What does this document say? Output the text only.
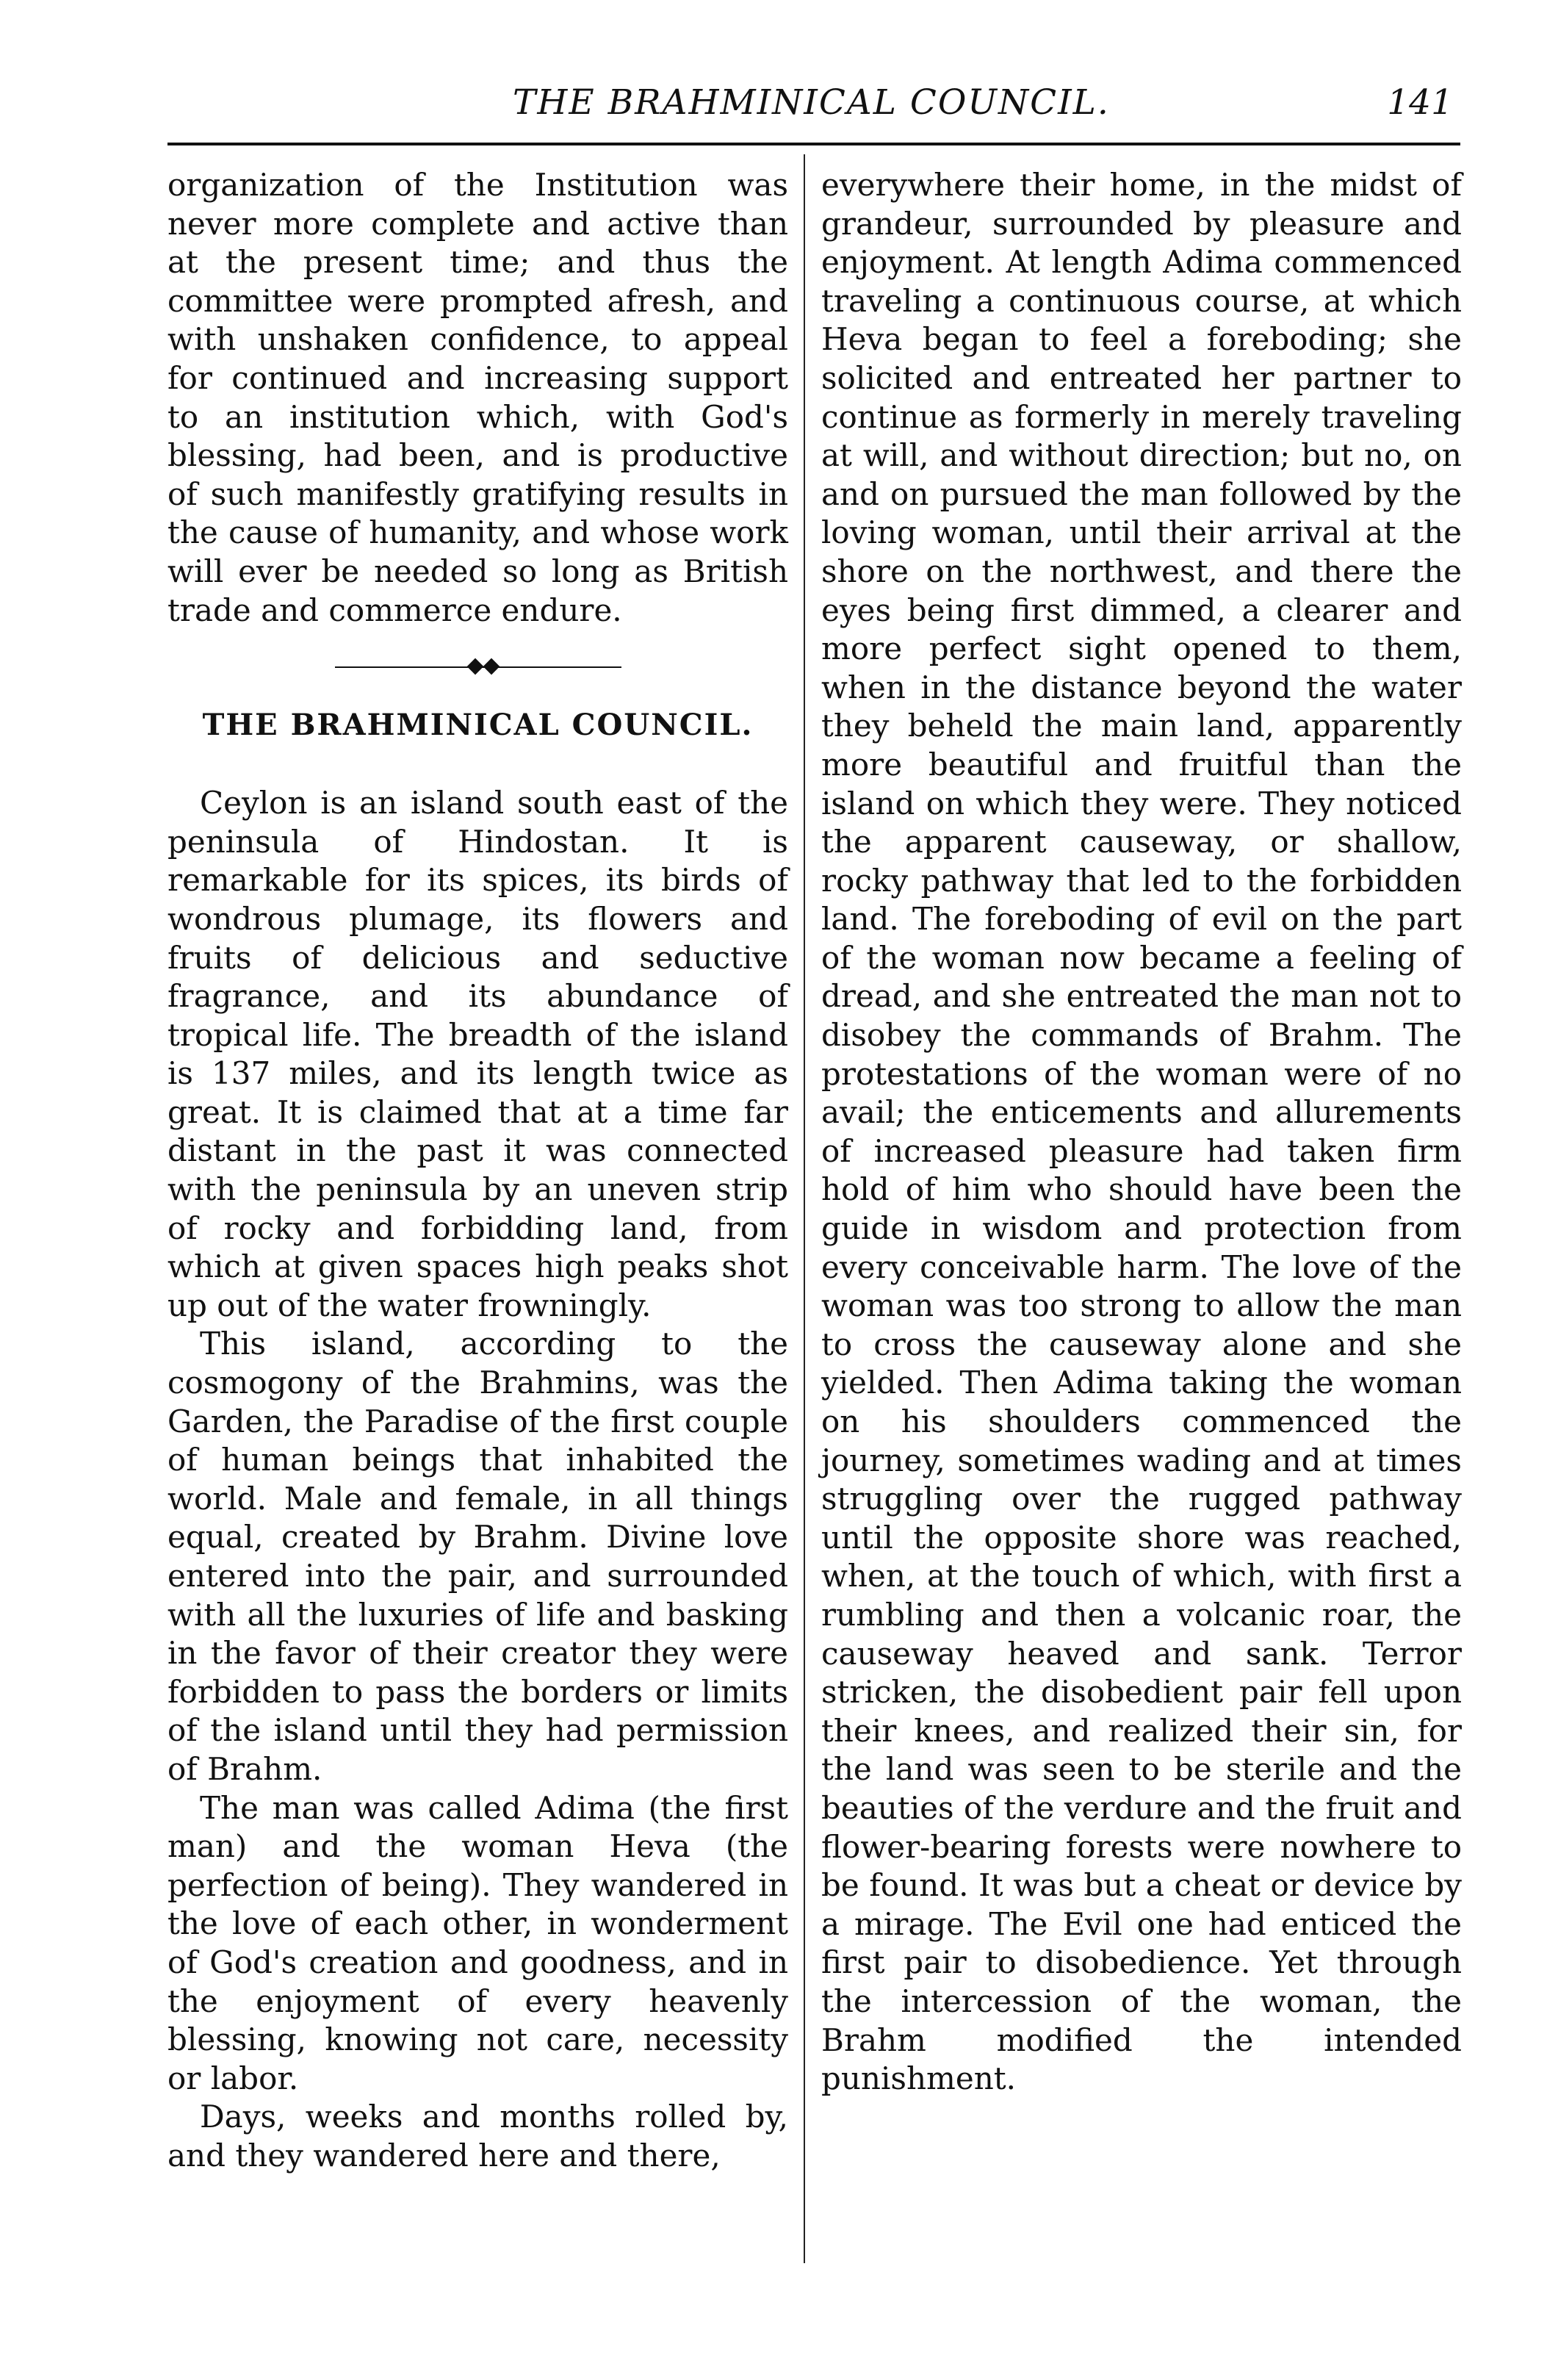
THE BRAHMINICAL COUNCIL.	141

organization of the Institution was never more complete and active than at the present time; and thus the committee were prompted afresh, and with unshaken confidence, to appeal for continued and increasing support to an institution which, with God's blessing, had been, and is productive of such manifestly gratifying results in the cause of humanity, and whose work will ever be needed so long as British trade and commerce endure.

THE BRAHMINICAL COUNCIL.

Ceylon is an island south east of the peninsula of Hindostan. It is remarkable for its spices, its birds of wondrous plumage, its flowers and fruits of delicious and seductive fragrance, and its abundance of tropical life. The breadth of the island is 137 miles, and its length twice as great. It is claimed that at a time far distant in the past it was connected with the peninsula by an uneven strip of rocky and forbidding land, from which at given spaces high peaks shot up out of the water frowningly.

This island, according to the cosmogony of the Brahmins, was the Garden, the Paradise of the first couple of human beings that inhabited the world. Male and female, in all things equal, created by Brahm. Divine love entered into the pair, and surrounded with all the luxuries of life and basking in the favor of their creator they were forbidden to pass the borders or limits of the island until they had permission of Brahm.

The man was called Adima (the first man) and the woman Heva (the perfection of being). They wandered in the love of each other, in wonderment of God's creation and goodness, and in the enjoyment of every heavenly blessing, knowing not care, necessity or labor.

Days, weeks and months rolled by, and they wandered here and there,

everywhere their home, in the midst of grandeur, surrounded by pleasure and enjoyment. At length Adima commenced traveling a continuous course, at which Heva began to feel a foreboding; she solicited and entreated her partner to continue as formerly in merely traveling at will, and without direction; but no, on and on pursued the man followed by the loving woman, until their arrival at the shore on the northwest, and there the eyes being first dimmed, a clearer and more perfect sight opened to them, when in the distance beyond the water they beheld the main land, apparently more beautiful and fruitful than the island on which they were. They noticed the apparent causeway, or shallow, rocky pathway that led to the forbidden land. The foreboding of evil on the part of the woman now became a feeling of dread, and she entreated the man not to disobey the commands of Brahm. The protestations of the woman were of no avail; the enticements and allurements of increased pleasure had taken firm hold of him who should have been the guide in wisdom and protection from every conceivable harm. The love of the woman was too strong to allow the man to cross the causeway alone and she yielded. Then Adima taking the woman on his shoulders commenced the journey, sometimes wading and at times struggling over the rugged pathway until the opposite shore was reached, when, at the touch of which, with first a rumbling and then a volcanic roar, the causeway heaved and sank. Terror stricken, the disobedient pair fell upon their knees, and realized their sin, for the land was seen to be sterile and the beauties of the verdure and the fruit and flower-bearing forests were nowhere to be found. It was but a cheat or device by a mirage. The Evil one had enticed the first pair to disobedience. Yet through the intercession of the woman, the Brahm modified the intended punishment.
